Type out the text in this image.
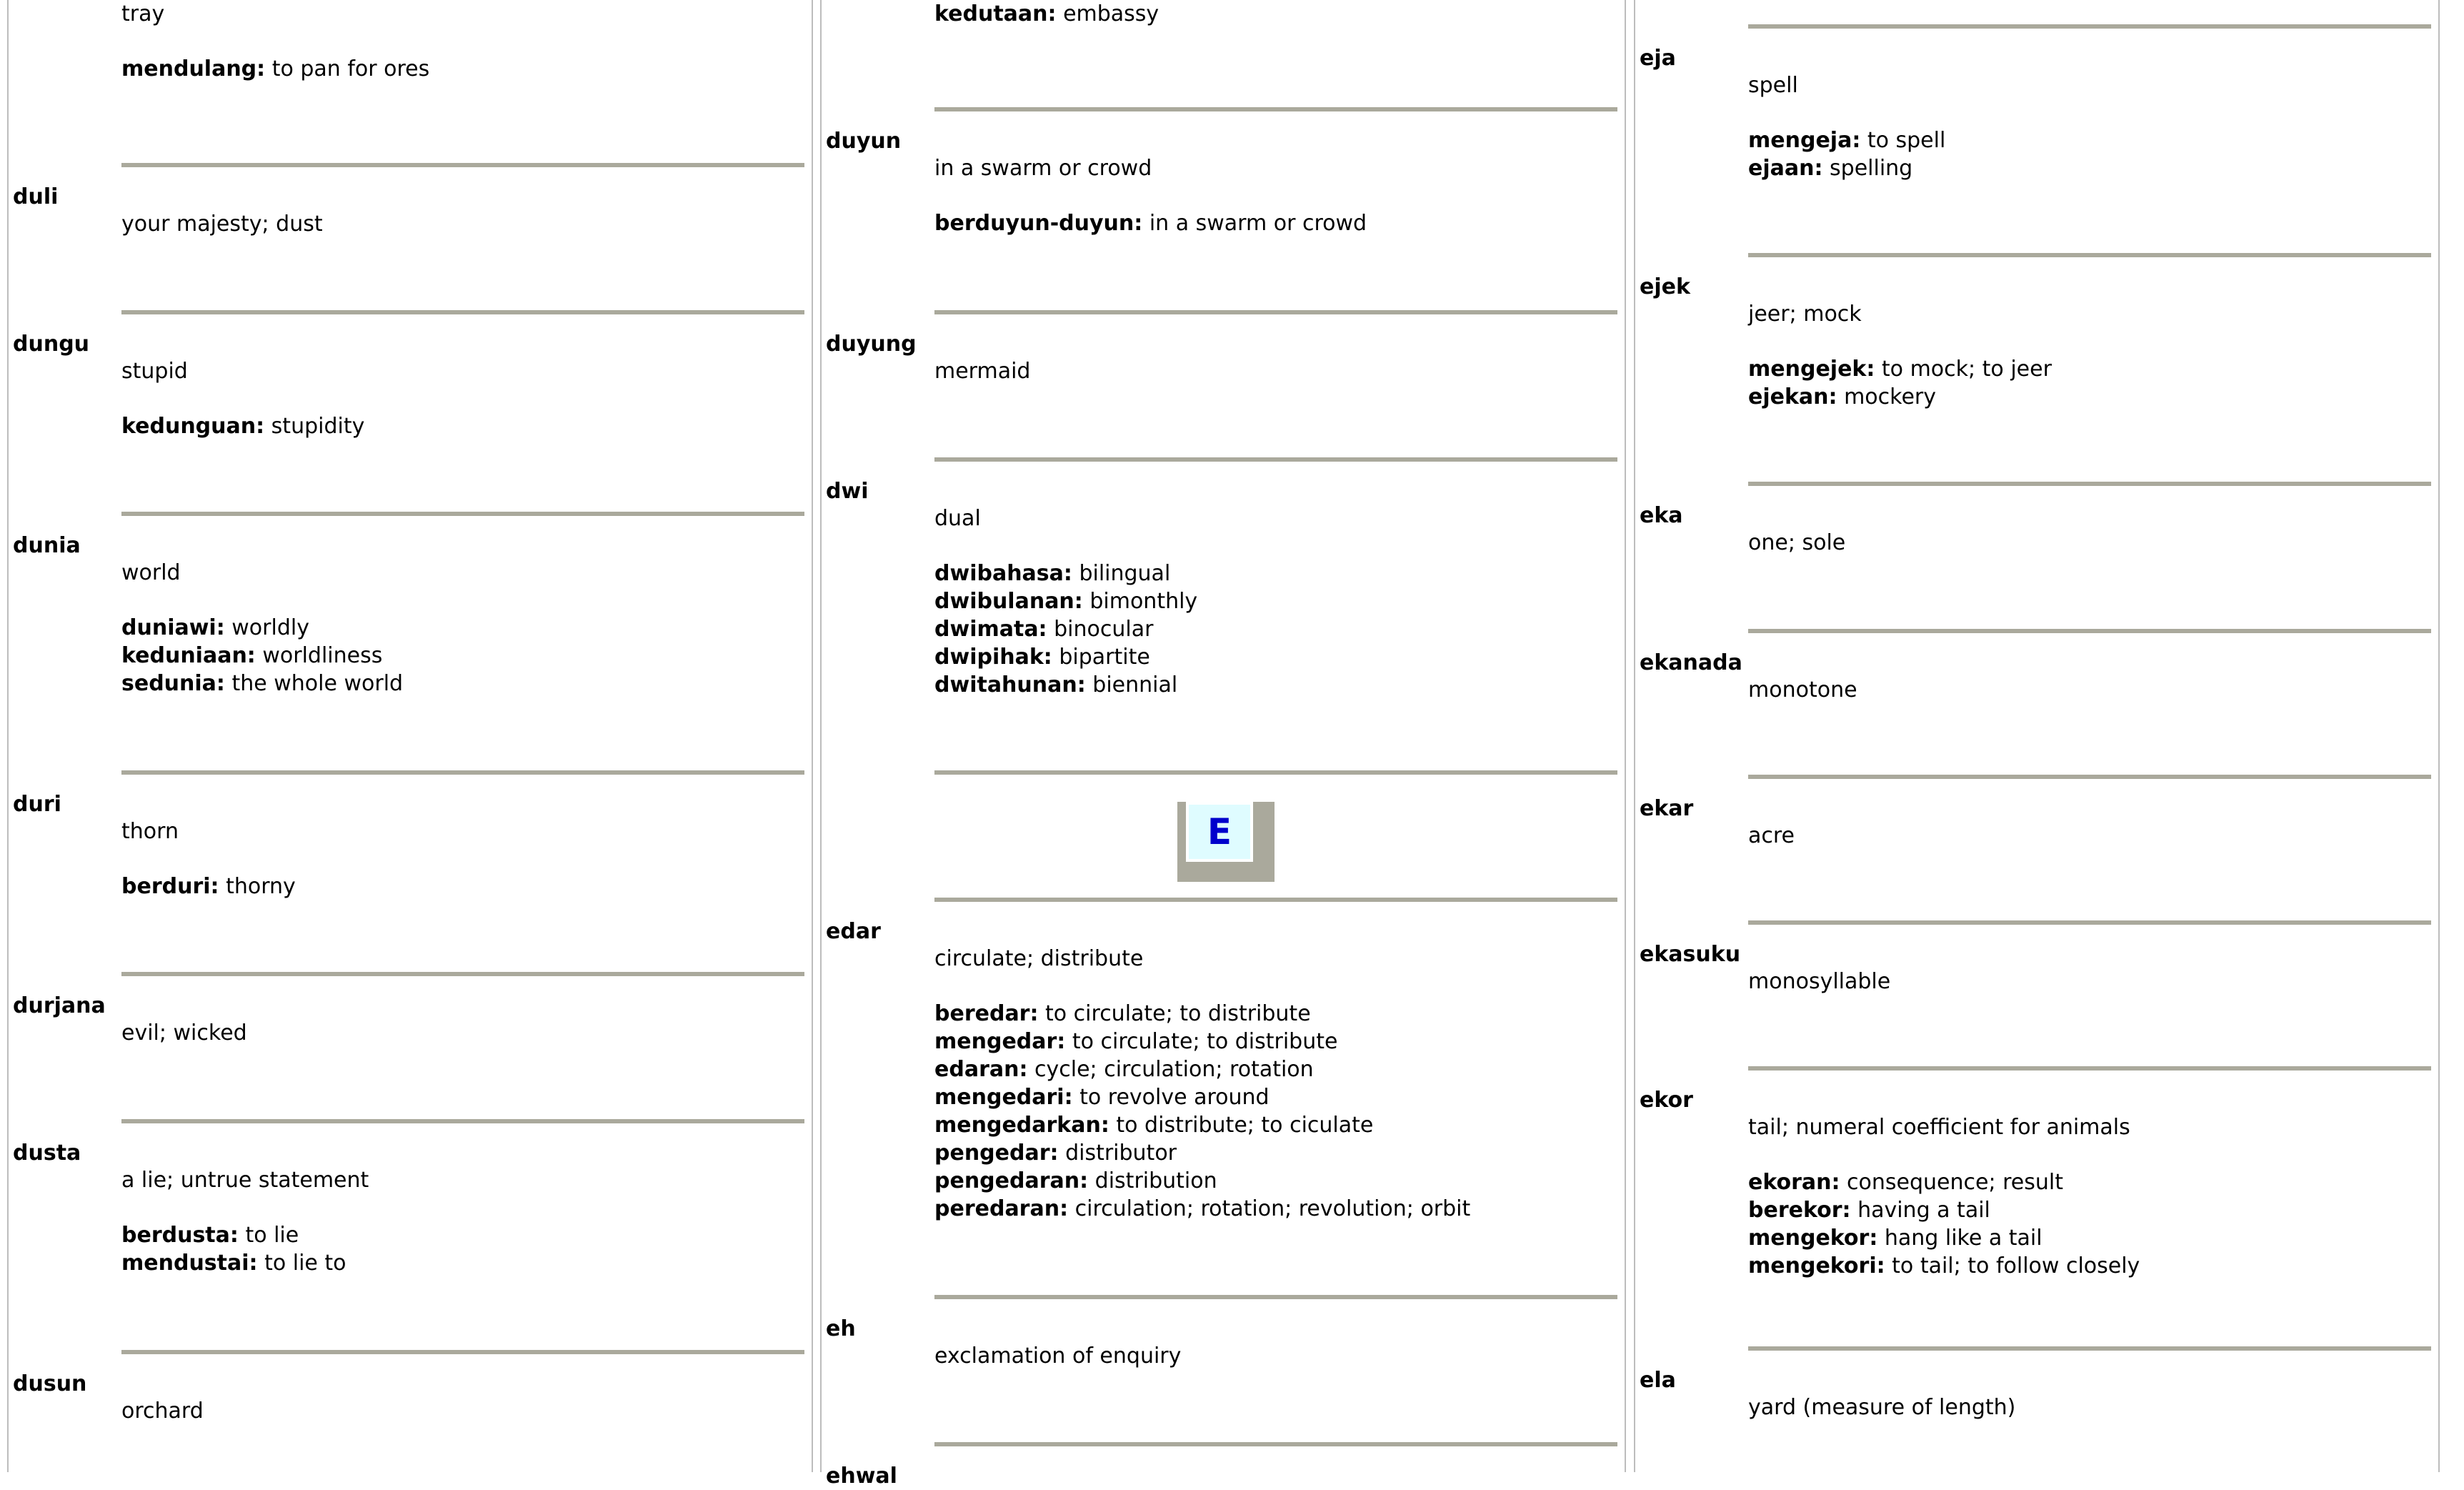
tray
mendulang: to pan for ores
duli
your majesty; dust
dungu
stupid
kedunguan: stupidity
dunia
world
duniawi: worldly
keduniaan: worldliness
sedunia: the whole world
duri
thorn
berduri: thorny
durjana
evil; wicked
dusta
a lie; untrue statement
berdusta: to lie
mendustai: to lie to
dusun
orchard
kedutaan: embassy
duyun
in a swarm or crowd
berduyun-duyun: in a swarm or crowd
duyung
mermaid
dwi
dual
dwibahasa: bilingual
dwibulanan: bimonthly
dwimata: binocular
dwipihak: bipartite
dwitahunan: biennial
E
edar
circulate; distribute
beredar: to circulate; to distribute
mengedar: to circulate; to distribute
edaran: cycle; circulation; rotation
mengedari: to revolve around
mengedarkan: to distribute; to ciculate
pengedar: distributor
pengedaran: distribution
peredaran: circulation; rotation; revolution; orbit
eh
exclamation of enquiry
ehwal
eja
spell
mengeja: to spell
ejaan: spelling
ejek
jeer; mock
mengejek: to mock; to jeer
ejekan: mockery
eka
one; sole
ekanada
monotone
ekar
acre
ekasuku
monosyllable
ekor
tail; numeral coefficient for animals
ekoran: consequence; result
berekor: having a tail
mengekor: hang like a tail
mengekori: to tail; to follow closely
ela
yard (measure of length)
